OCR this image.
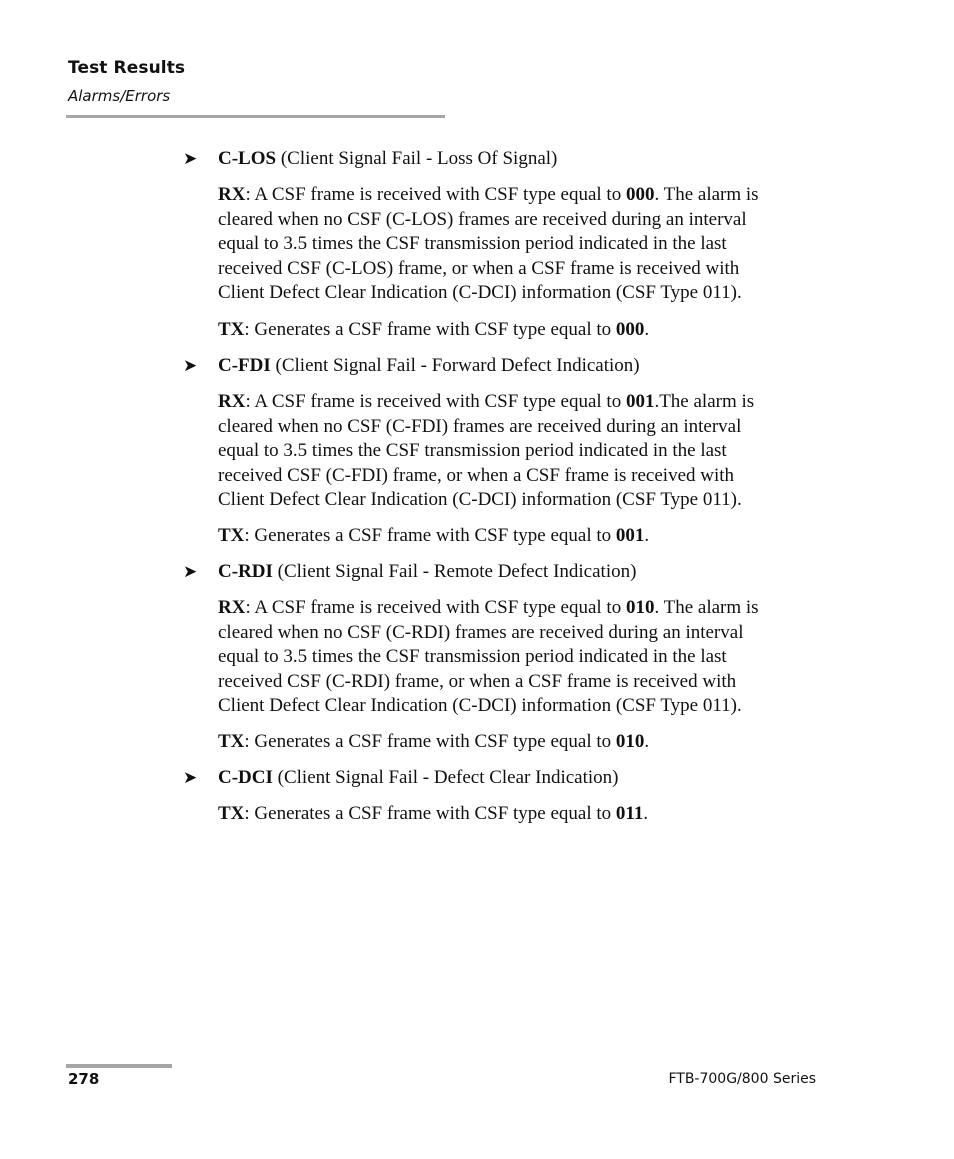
Test Results
Alarms/Errors
➤ C-LOS (Client Signal Fail - Loss Of Signal)
RX: A CSF frame is received with CSF type equal to 000. The alarm is
cleared when no CSF (C-LOS) frames are received during an interval
equal to 3.5 times the CSF transmission period indicated in the last
received CSF (C-LOS) frame, or when a CSF frame is received with
Client Defect Clear Indication (C-DCI) information (CSF Type 011).
TX: Generates a CSF frame with CSF type equal to 000.
➤ C-FDI (Client Signal Fail - Forward Defect Indication)
RX: A CSF frame is received with CSF type equal to 001.The alarm is
cleared when no CSF (C-FDI) frames are received during an interval
equal to 3.5 times the CSF transmission period indicated in the last
received CSF (C-FDI) frame, or when a CSF frame is received with
Client Defect Clear Indication (C-DCI) information (CSF Type 011).
TX: Generates a CSF frame with CSF type equal to 001.
➤ C-RDI (Client Signal Fail - Remote Defect Indication)
RX: A CSF frame is received with CSF type equal to 010. The alarm is
cleared when no CSF (C-RDI) frames are received during an interval
equal to 3.5 times the CSF transmission period indicated in the last
received CSF (C-RDI) frame, or when a CSF frame is received with
Client Defect Clear Indication (C-DCI) information (CSF Type 011).
TX: Generates a CSF frame with CSF type equal to 010.
➤ C-DCI (Client Signal Fail - Defect Clear Indication)
TX: Generates a CSF frame with CSF type equal to 011.
278	FTB-700G/800 Series
